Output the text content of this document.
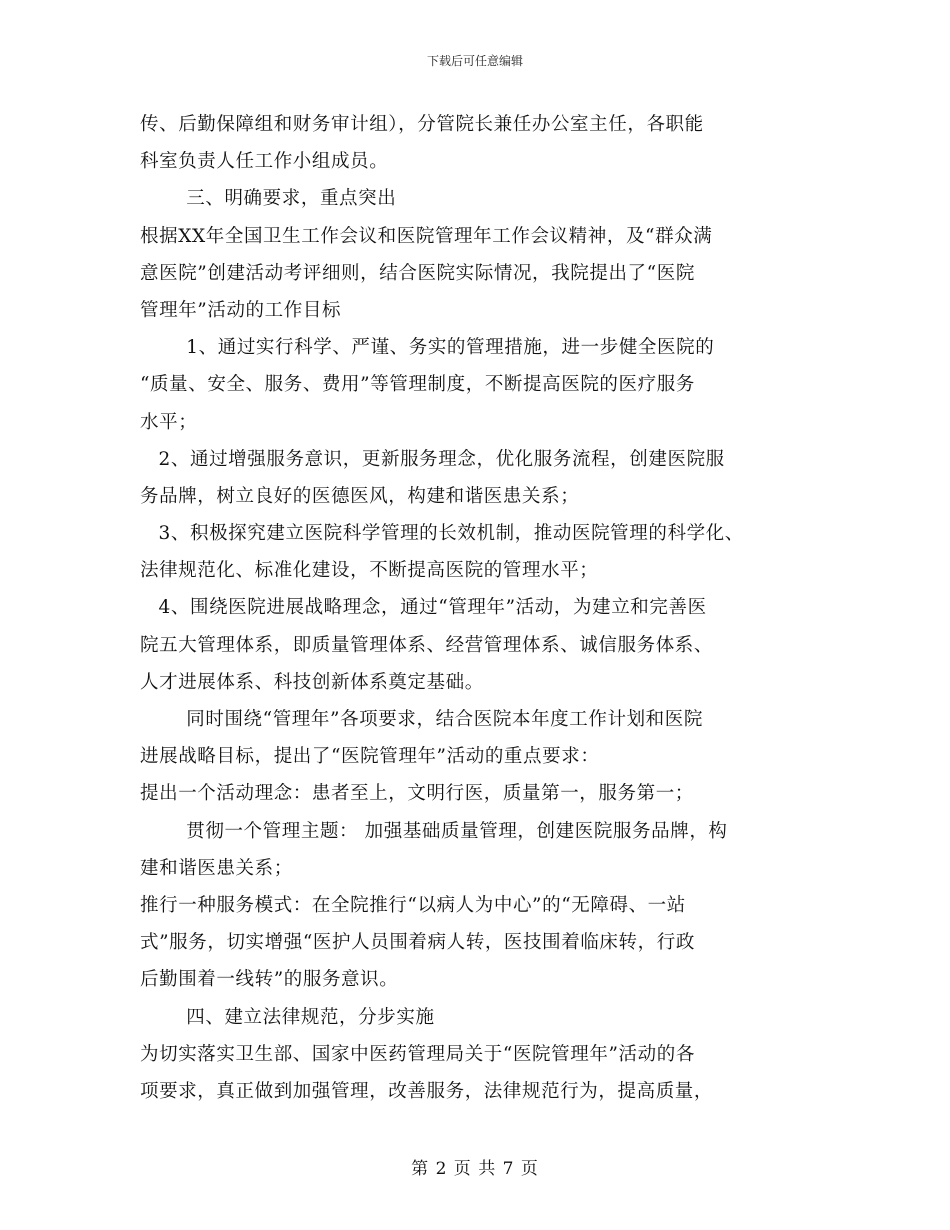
下载后可任意编辑
传、后勤保障组和财务审计组），分管院长兼任办公室主任，各职能
科室负责人任工作小组成员。
三、明确要求，重点突出
根据XX年全国卫生工作会议和医院管理年工作会议精神，及“群众满
意医院”创建活动考评细则，结合医院实际情况，我院提出了“医院
管理年”活动的工作目标
1、通过实行科学、严谨、务实的管理措施，进一步健全医院的
“质量、安全、服务、费用”等管理制度，不断提高医院的医疗服务
水平；
2、通过增强服务意识，更新服务理念，优化服务流程，创建医院服
务品牌，树立良好的医德医风，构建和谐医患关系；
3、积极探究建立医院科学管理的长效机制，推动医院管理的科学化、
法律规范化、标准化建设，不断提高医院的管理水平；
4、围绕医院进展战略理念，通过“管理年”活动，为建立和完善医
院五大管理体系，即质量管理体系、经营管理体系、诚信服务体系、
人才进展体系、科技创新体系奠定基础。
同时围绕“管理年”各项要求，结合医院本年度工作计划和医院
进展战略目标，提出了“医院管理年”活动的重点要求：
提出一个活动理念：患者至上，文明行医，质量第一，服务第一；
贯彻一个管理主题： 加强基础质量管理，创建医院服务品牌，构
建和谐医患关系；
推行一种服务模式：在全院推行“以病人为中心”的“无障碍、一站
式”服务，切实增强“医护人员围着病人转，医技围着临床转，行政
后勤围着一线转”的服务意识。
四、建立法律规范，分步实施
为切实落实卫生部、国家中医药管理局关于“医院管理年”活动的各
项要求，真正做到加强管理，改善服务，法律规范行为，提高质量，
第 2 页 共 7 页
